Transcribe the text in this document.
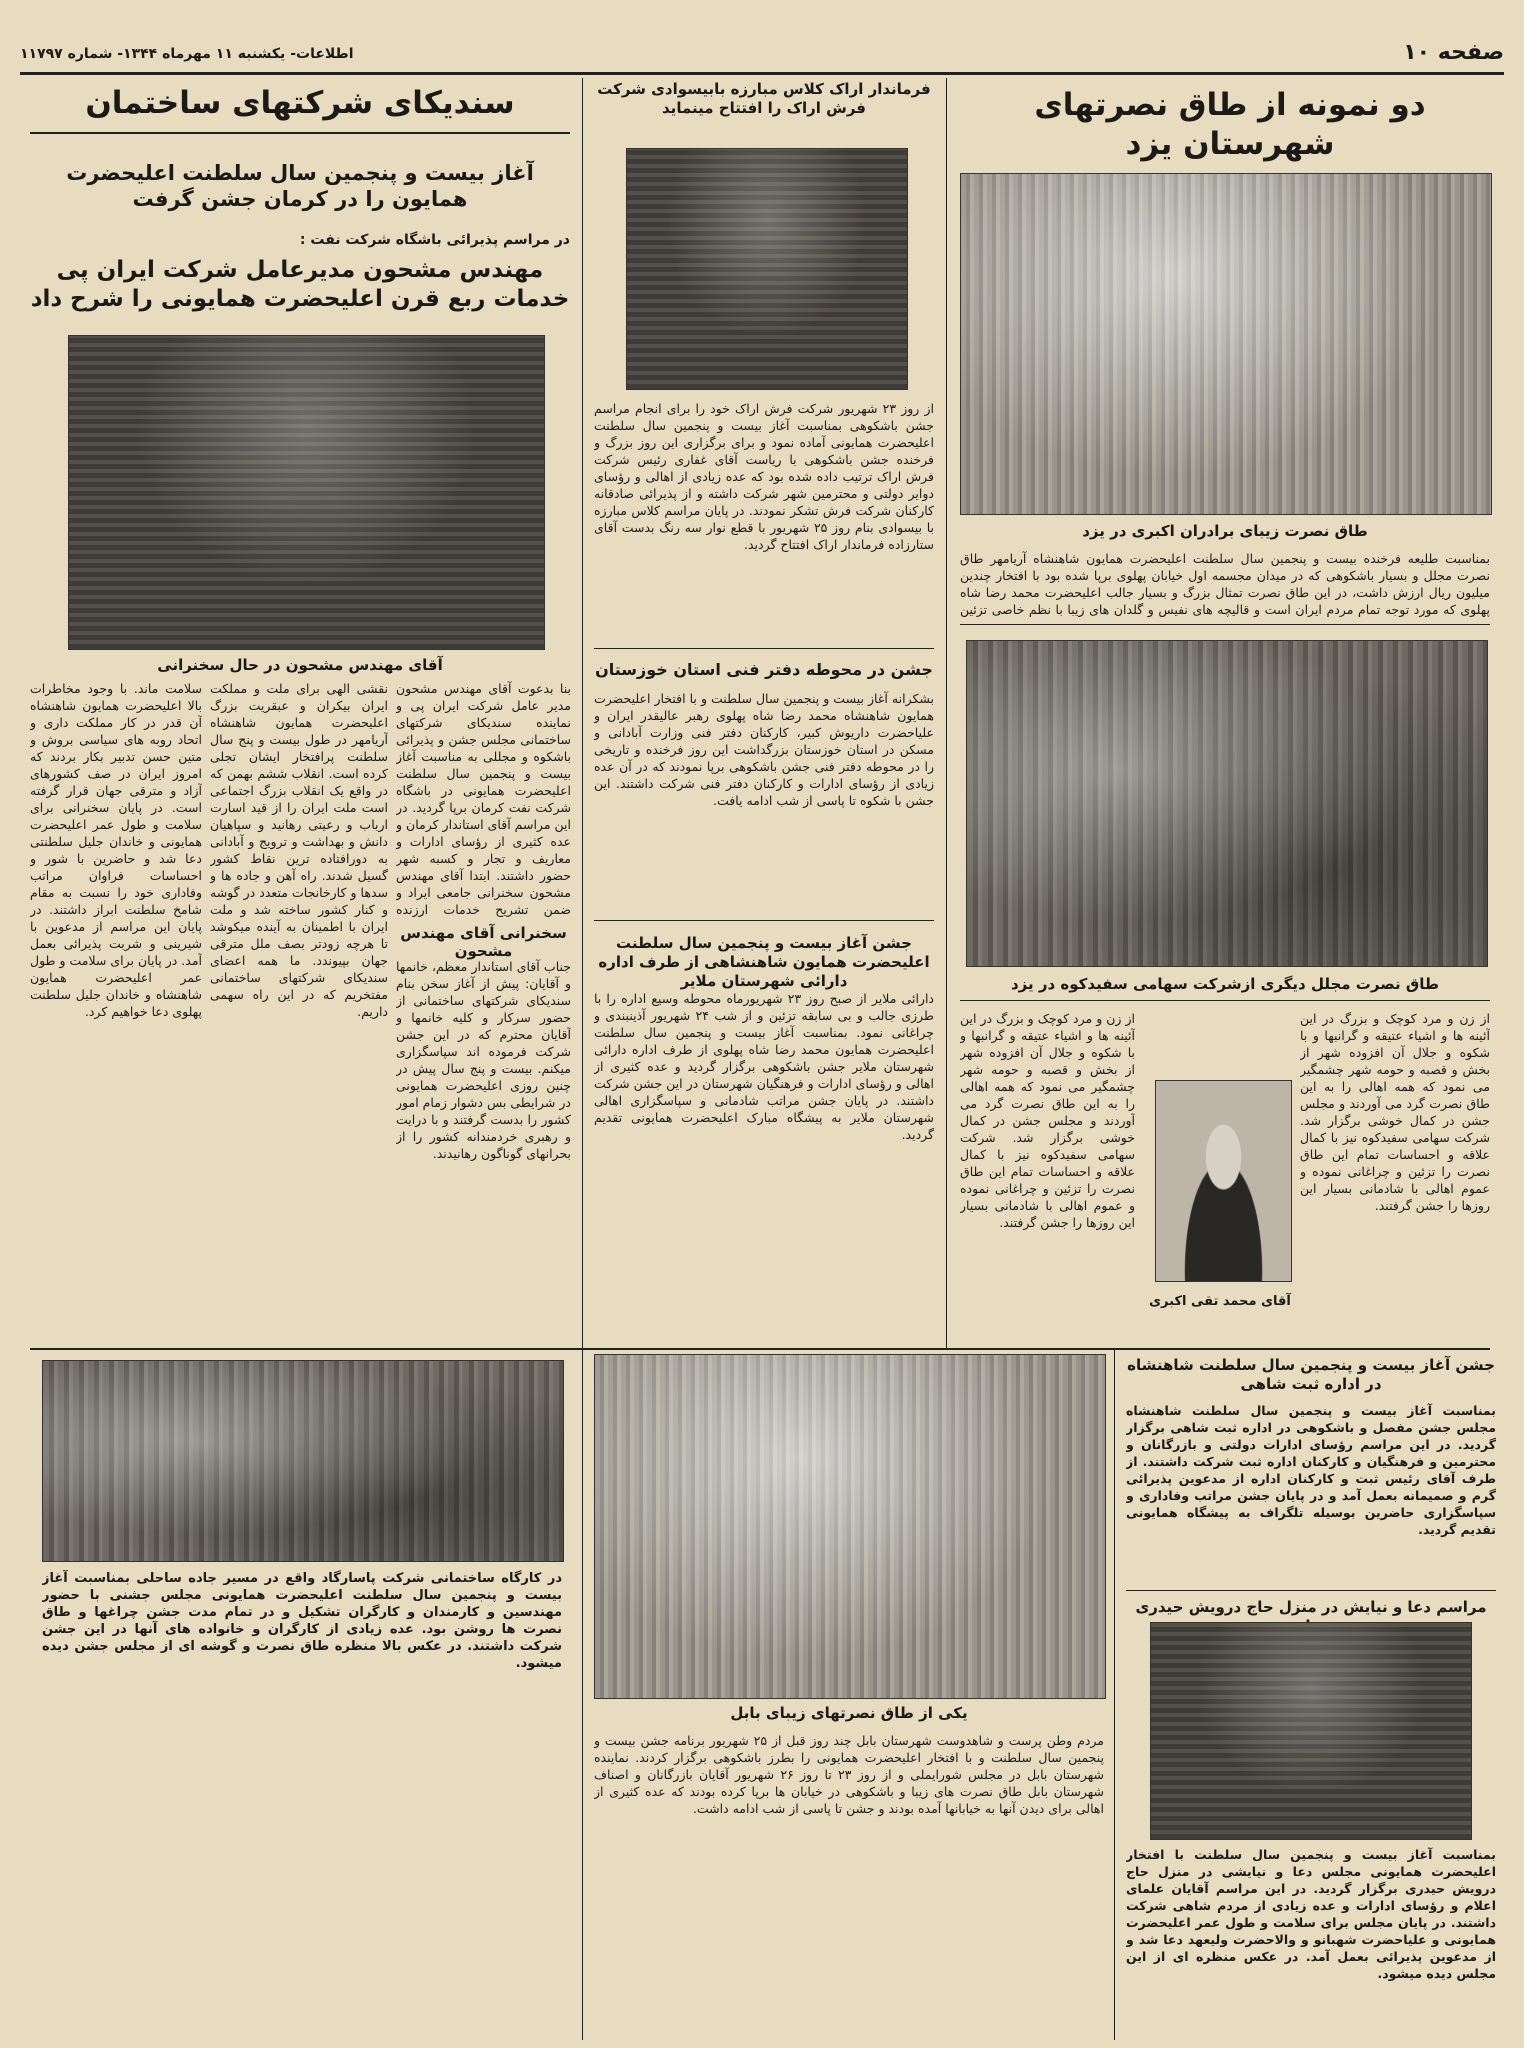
صفحه ۱۰
اطلاعات- یکشنبه ۱۱ مهرماه ۱۳۴۴- شماره ۱۱۷۹۷
دو نمونه از طاق نصرتهای شهرستان یزد
طاق نصرت زیبای برادران اکبری در یزد
بمناسبت طلیعه فرخنده بیست و پنجمین سال سلطنت اعلیحضرت همایون شاهنشاه آریامهر طاق نصرت مجلل و بسیار باشکوهی که در میدان مجسمه اول خیابان پهلوی برپا شده بود با افتخار چندین میلیون ریال ارزش داشت، در این طاق نصرت تمثال بزرگ و بسیار جالب اعلیحضرت محمد رضا شاه پهلوی که مورد توجه تمام مردم ایران است و قالیچه های نفیس و گلدان های زیبا با نظم خاصی تزئین
طاق نصرت مجلل دیگری ازشرکت سهامی سفیدکوه در یزد
از زن و مرد کوچک و بزرگ در این آئینه ها و اشیاء عتیقه و گرانبها و با شکوه و جلال آن افزوده شهر از بخش و قصبه و حومه شهر چشمگیر می نمود که همه اهالی را به این طاق نصرت گرد می آوردند و مجلس جشن در کمال خوشی برگزار شد. شرکت سهامی سفیدکوه نیز با کمال علاقه و احساسات تمام این طاق نصرت را تزئین و چراغانی نموده و عموم اهالی با شادمانی بسیار این روزها را جشن گرفتند.
آقای محمد تقی اکبری
از زن و مرد کوچک و بزرگ در این آئینه ها و اشیاء عتیقه و گرانبها و با شکوه و جلال آن افزوده شهر از بخش و قصبه و حومه شهر چشمگیر می نمود که همه اهالی را به این طاق نصرت گرد می آوردند و مجلس جشن در کمال خوشی برگزار شد. شرکت سهامی سفیدکوه نیز با کمال علاقه و احساسات تمام این طاق نصرت را تزئین و چراغانی نموده و عموم اهالی با شادمانی بسیار این روزها را جشن گرفتند.
فرماندار اراک کلاس مبارزه بابیسوادی شرکت فرش اراک را افتتاح مینماید
از روز ۲۳ شهریور شرکت فرش اراک خود را برای انجام مراسم جشن باشکوهی بمناسبت آغاز بیست و پنجمین سال سلطنت اعلیحضرت همایونی آماده نمود و برای برگزاری این روز بزرگ و فرخنده جشن باشکوهی با ریاست آقای غفاری رئیس شرکت فرش اراک ترتیب داده شده بود که عده زیادی از اهالی و رؤسای دوایر دولتی و محترمین شهر شرکت داشته و از پذیرائی صادقانه کارکنان شرکت فرش تشکر نمودند. در پایان مراسم کلاس مبارزه با بیسوادی بنام روز ۲۵ شهریور با قطع نوار سه رنگ بدست آقای ستارزاده فرماندار اراک افتتاح گردید.
جشن در محوطه دفتر فنی استان خوزستان
بشکرانه آغاز بیست و پنجمین سال سلطنت و با افتخار اعلیحضرت همایون شاهنشاه محمد رضا شاه پهلوی رهبر عالیقدر ایران و علیاحضرت داریوش کبیر، کارکنان دفتر فنی وزارت آبادانی و مسکن در استان خوزستان بزرگداشت این روز فرخنده و تاریخی را در محوطه دفتر فنی جشن باشکوهی برپا نمودند که در آن عده زیادی از رؤسای ادارات و کارکنان دفتر فنی شرکت داشتند. این جشن با شکوه تا پاسی از شب ادامه یافت.
جشن آغاز بیست و پنجمین سال سلطنت اعلیحضرت همایون شاهنشاهی از طرف اداره دارائی شهرستان ملایر
دارائی ملایر از صبح روز ۲۳ شهریورماه محوطه وسیع اداره را با طرزی جالب و بی سابقه تزئین و از شب ۲۴ شهریور آذینبندی و چراغانی نمود. بمناسبت آغاز بیست و پنجمین سال سلطنت اعلیحضرت همایون محمد رضا شاه پهلوی از طرف اداره دارائی شهرستان ملایر جشن باشکوهی برگزار گردید و عده کثیری از اهالی و رؤسای ادارات و فرهنگیان شهرستان در این جشن شرکت داشتند. در پایان جشن مراتب شادمانی و سپاسگزاری اهالی شهرستان ملایر به پیشگاه مبارک اعلیحضرت همایونی تقدیم گردید.
سندیکای شرکتهای ساختمان
آغاز بیست و پنجمین سال سلطنت اعلیحضرت همایون را در کرمان جشن گرفت
در مراسم پذیرائی باشگاه شرکت نفت :
مهندس مشحون مدیرعامل شرکت ایران پی خدمات ربع قرن اعلیحضرت همایونی را شرح داد
آقای مهندس مشحون در حال سخنرانی
بنا بدعوت آقای مهندس مشحون مدیر عامل شرکت ایران پی و نماینده سندیکای شرکتهای ساختمانی مجلس جشن و پذیرائی باشکوه و مجللی به مناسبت آغاز بیست و پنجمین سال سلطنت اعلیحضرت همایونی در باشگاه شرکت نفت کرمان برپا گردید. در این مراسم آقای استاندار کرمان و عده کثیری از رؤسای ادارات و معاریف و تجار و کسبه شهر حضور داشتند. ابتدا آقای مهندس مشحون سخنرانی جامعی ایراد و ضمن تشریح خدمات ارزنده
سخنرانی آقای مهندس مشحون
جناب آقای استاندار معظم، خانمها و آقایان: پیش از آغاز سخن بنام سندیکای شرکتهای ساختمانی از حضور سرکار و کلیه خانمها و آقایان محترم که در این جشن شرکت فرموده اند سپاسگزاری میکنم. بیست و پنج سال پیش در چنین روزی اعلیحضرت همایونی در شرایطی بس دشوار زمام امور کشور را بدست گرفتند و با درایت و رهبری خردمندانه کشور را از بحرانهای گوناگون رهانیدند.
نقشی الهی برای ملت و مملکت ایران بیکران و عبقریت بزرگ اعلیحضرت همایون شاهنشاه آریامهر در طول بیست و پنج سال سلطنت پرافتخار ایشان تجلی کرده است. انقلاب ششم بهمن که در واقع یک انقلاب بزرگ اجتماعی است ملت ایران را از قید اسارت ارباب و رعیتی رهانید و سپاهیان دانش و بهداشت و ترویج و آبادانی به دورافتاده ترین نقاط کشور گسیل شدند. راه آهن و جاده ها و سدها و کارخانجات متعدد در گوشه و کنار کشور ساخته شد و ملت ایران با اطمینان به آینده میکوشد تا هرچه زودتر بصف ملل مترقی جهان بپیوندد. ما همه اعضای سندیکای شرکتهای ساختمانی مفتخریم که در این راه سهمی داریم.
سلامت ماند. با وجود مخاطرات بالا اعلیحضرت همایون شاهنشاه آن قدر در کار مملکت داری و اتحاد روبه های سیاسی بروش و متین حسن تدبیر بکار بردند که امروز ایران در صف کشورهای آزاد و مترقی جهان قرار گرفته است. در پایان سخنرانی برای سلامت و طول عمر اعلیحضرت همایونی و خاندان جلیل سلطنتی دعا شد و حاضرین با شور و احساسات فراوان مراتب وفاداری خود را نسبت به مقام شامخ سلطنت ابراز داشتند. در پایان این مراسم از مدعوین با شیرینی و شربت پذیرائی بعمل آمد. در پایان برای سلامت و طول عمر اعلیحضرت همایون شاهنشاه و خاندان جلیل سلطنت پهلوی دعا خواهیم کرد.
در کارگاه ساختمانی شرکت پاسارگاد واقع در مسیر جاده ساحلی بمناسبت آغاز بیست و پنجمین سال سلطنت اعلیحضرت همایونی مجلس جشنی با حضور مهندسین و کارمندان و کارگران تشکیل و در تمام مدت جشن چراغها و طاق نصرت ها روشن بود. عده زیادی از کارگران و خانواده های آنها در این جشن شرکت داشتند. در عکس بالا منظره طاق نصرت و گوشه ای از مجلس جشن دیده میشود.
یکی از طاق نصرتهای زیبای بابل
مردم وطن پرست و شاهدوست شهرستان بابل چند روز قبل از ۲۵ شهریور برنامه جشن بیست و پنجمین سال سلطنت و با افتخار اعلیحضرت همایونی را بطرز باشکوهی برگزار کردند. نماینده شهرستان بابل در مجلس شورایملی و از روز ۲۳ تا روز ۲۶ شهریور آقایان بازرگانان و اصناف شهرستان بابل طاق نصرت های زیبا و باشکوهی در خیابان ها برپا کرده بودند که عده کثیری از اهالی برای دیدن آنها به خیابانها آمده بودند و جشن تا پاسی از شب ادامه داشت.
جشن آغاز بیست و پنجمین سال سلطنت شاهنشاه در اداره ثبت شاهی
بمناسبت آغاز بیست و پنجمین سال سلطنت شاهنشاه مجلس جشن مفصل و باشکوهی در اداره ثبت شاهی برگزار گردید. در این مراسم رؤسای ادارات دولتی و بازرگانان و محترمین و فرهنگیان و کارکنان اداره ثبت شرکت داشتند. از طرف آقای رئیس ثبت و کارکنان اداره از مدعوین پذیرائی گرم و صمیمانه بعمل آمد و در پایان جشن مراتب وفاداری و سپاسگزاری حاضرین بوسیله تلگراف به پیشگاه همایونی تقدیم گردید.
مراسم دعا و نیایش در منزل حاج درویش حیدری
بمناسبت آغاز بیست و پنجمین سال سلطنت با افتخار اعلیحضرت همایونی مجلس دعا و نیایشی در منزل حاج درویش حیدری برگزار گردید. در این مراسم آقایان علمای اعلام و رؤسای ادارات و عده زیادی از مردم شاهی شرکت داشتند. در پایان مجلس برای سلامت و طول عمر اعلیحضرت همایونی و علیاحضرت شهبانو و والاحضرت ولیعهد دعا شد و از مدعوین پذیرائی بعمل آمد. در عکس منظره ای از این مجلس دیده میشود.
